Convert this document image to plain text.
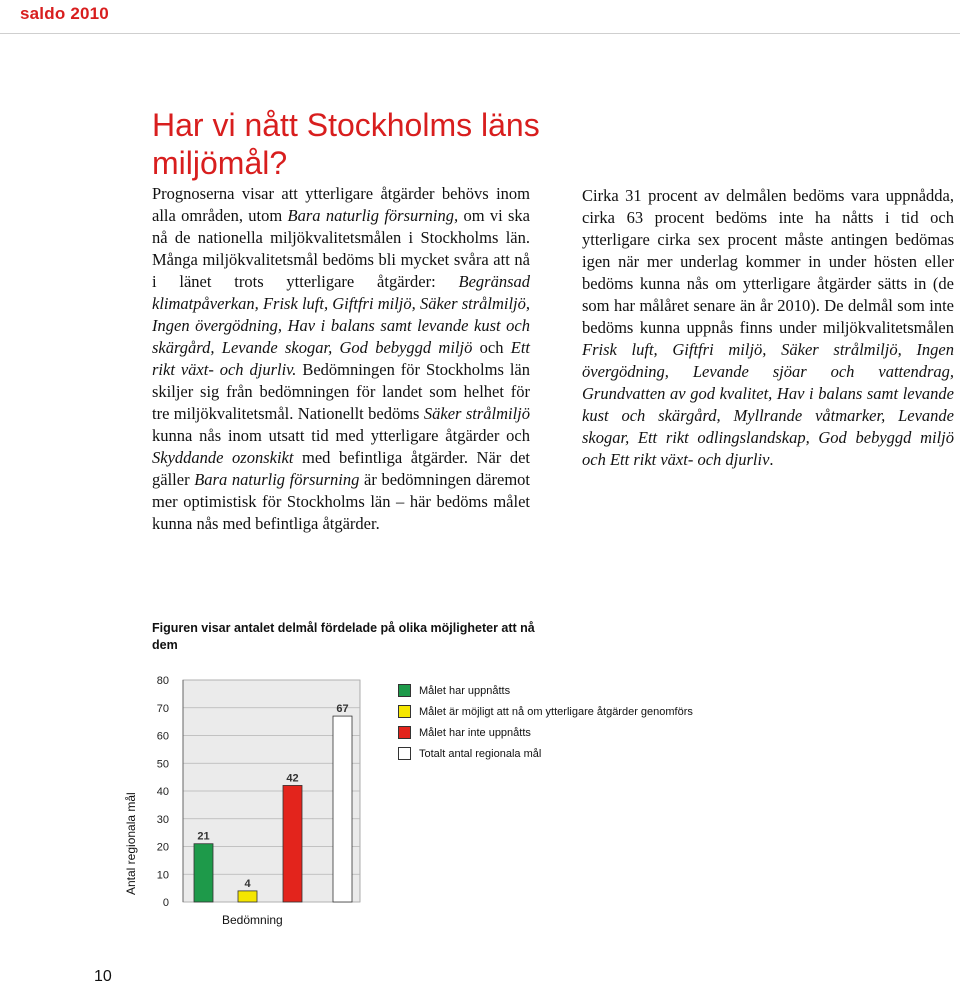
saldo 2010
Har vi nått Stockholms läns miljömål?
Prognoserna visar att ytterligare åtgärder behövs inom alla områden, utom Bara naturlig försurning, om vi ska nå de nationella miljökvalitetsmålen i Stockholms län. Många miljökvalitetsmål bedöms bli mycket svåra att nå i länet trots ytterligare åtgärder: Begränsad klimatpåverkan, Frisk luft, Giftfri miljö, Säker strålmiljö, Ingen övergödning, Hav i balans samt levande kust och skärgård, Levande skogar, God bebyggd miljö och Ett rikt växt- och djurliv. Bedömningen för Stockholms län skiljer sig från bedömningen för landet som helhet för tre miljökvalitetsmål. Nationellt bedöms Säker strålmiljö kunna nås inom utsatt tid med ytterligare åtgärder och Skyddande ozonskikt med befintliga åtgärder. När det gäller Bara naturlig försurning är bedömningen däremot mer optimistisk för Stockholms län – här bedöms målet kunna nås med befintliga åtgärder.
Cirka 31 procent av delmålen bedöms vara uppnådda, cirka 63 procent bedöms inte ha nåtts i tid och ytterligare cirka sex procent måste antingen bedömas igen när mer underlag kommer in under hösten eller bedöms kunna nås om ytterligare åtgärder sätts in (de som har målåret senare än år 2010). De delmål som inte bedöms kunna uppnås finns under miljökvalitetsmålen Frisk luft, Giftfri miljö, Säker strålmiljö, Ingen övergödning, Levande sjöar och vattendrag, Grundvatten av god kvalitet, Hav i balans samt levande kust och skärgård, Myllrande våtmarker, Levande skogar, Ett rikt odlingslandskap, God bebyggd miljö och Ett rikt växt- och djurliv.
Figuren visar antalet delmål fördelade på olika möjligheter att nå dem
0
10
20
30
40
50
60
70
80
21
4
42
67
Målet har uppnåtts
Målet är möjligt att nå om ytterligare åtgärder genomförs
Målet har inte uppnåtts
Totalt antal regionala mål
Antal regionala mål
Bedömning
10
